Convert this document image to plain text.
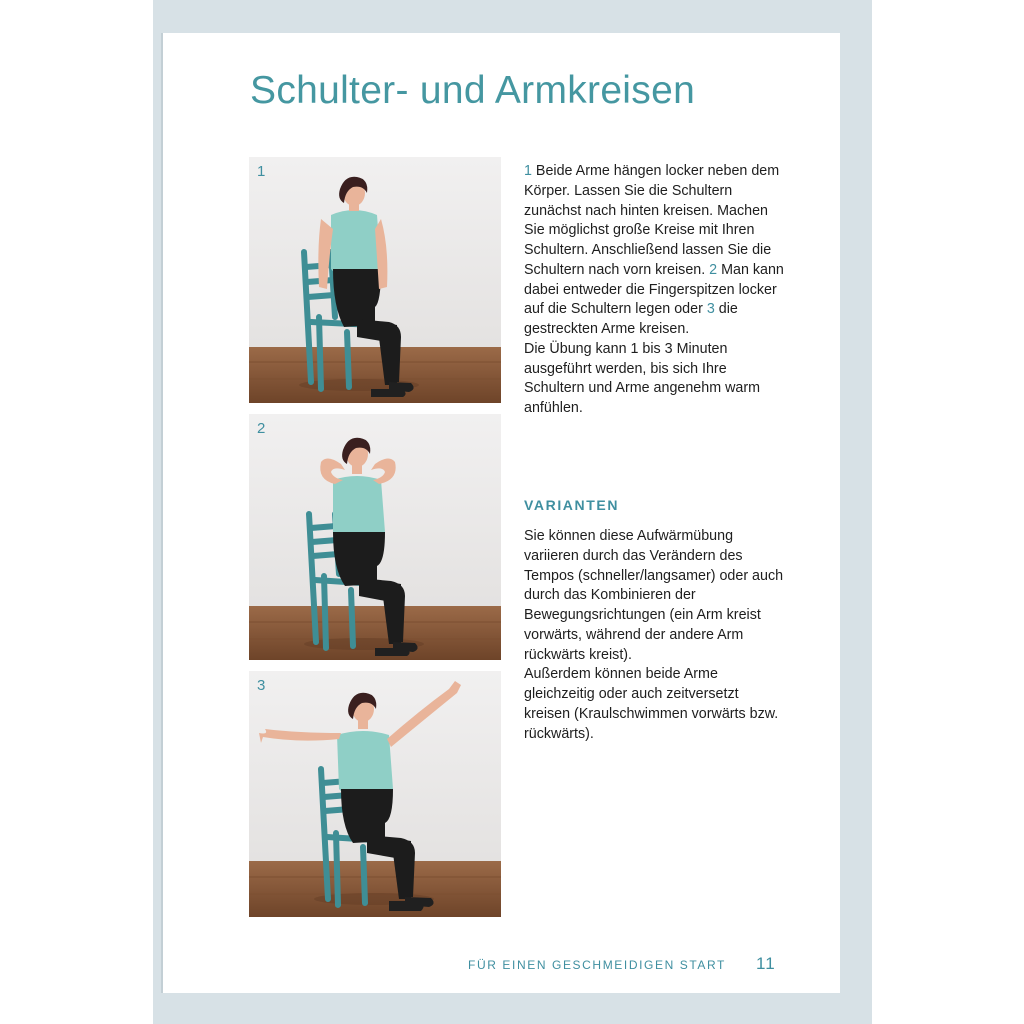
Schulter- und Armkreisen
1
2
3

1 Beide Arme hängen locker neben dem Körper. Lassen Sie die Schultern zunächst nach hinten kreisen. Machen Sie möglichst große Kreise mit Ihren Schultern. Anschließend lassen Sie die Schultern nach vorn kreisen. 2 Man kann dabei entweder die Fingerspitzen locker auf die Schultern legen oder 3 die gestreckten Arme kreisen.

Die Übung kann 1 bis 3 Minuten ausgeführt werden, bis sich Ihre Schultern und Arme angenehm warm anfühlen.

VARIANTEN

Sie können diese Aufwärmübung variieren durch das Verändern des Tempos (schneller/langsamer) oder auch durch das Kombinieren der Bewegungsrichtungen (ein Arm kreist vorwärts, während der andere Arm rückwärts kreist).

Außerdem können beide Arme gleichzeitig oder auch zeitversetzt kreisen (Kraulschwimmen vorwärts bzw. rückwärts).

FÜR EINEN GESCHMEIDIGEN START 11
